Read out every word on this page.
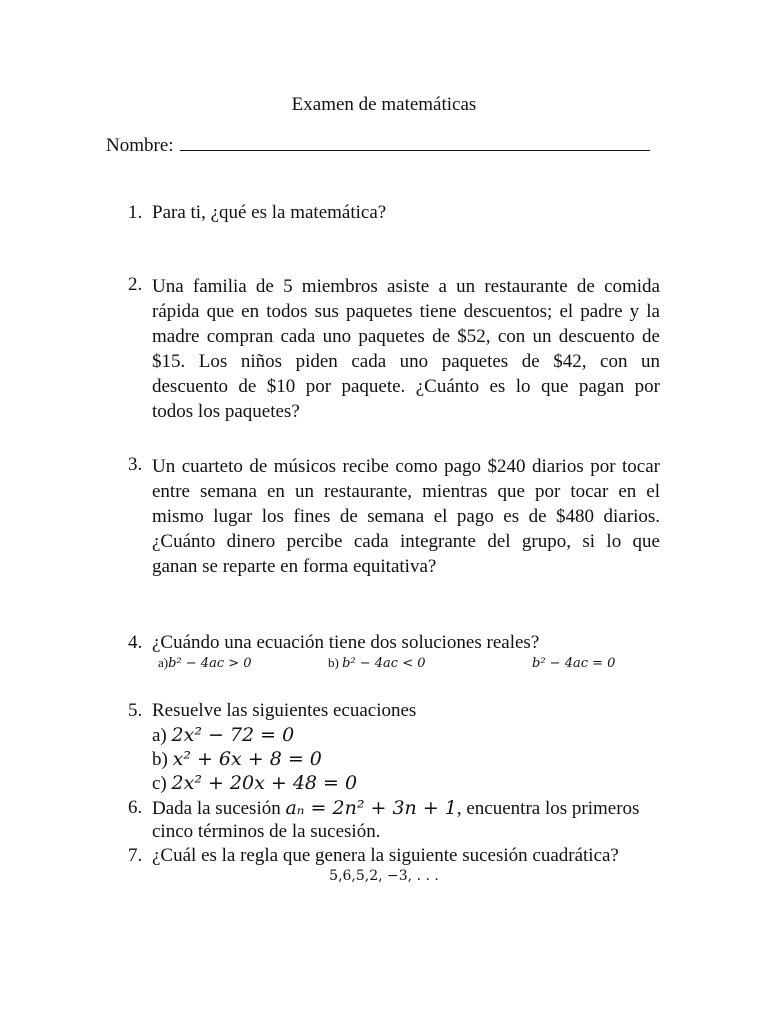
Examen de matemáticas
Nombre:
1. Para ti, ¿qué es la matemática?
2. Una familia de 5 miembros asiste a un restaurante de comida
rápida que en todos sus paquetes tiene descuentos; el padre y la
madre compran cada uno paquetes de $52, con un descuento de
$15. Los niños piden cada uno paquetes de $42, con un
descuento de $10 por paquete. ¿Cuánto es lo que pagan por
todos los paquetes?
3. Un cuarteto de músicos recibe como pago $240 diarios por tocar
entre semana en un restaurante, mientras que por tocar en el
mismo lugar los fines de semana el pago es de $480 diarios.
¿Cuánto dinero percibe cada integrante del grupo, si lo que
ganan se reparte en forma equitativa?
4. ¿Cuándo una ecuación tiene dos soluciones reales?
a)b² − 4ac > 0	b) b² − 4ac < 0	b² − 4ac = 0
5. Resuelve las siguientes ecuaciones
a) 2x² − 72 = 0
b) x² + 6x + 8 = 0
c) 2x² + 20x + 48 = 0
6. Dada la sucesión aₙ = 2n² + 3n + 1, encuentra los primeros
cinco términos de la sucesión.
7. ¿Cuál es la regla que genera la siguiente sucesión cuadrática?
5,6,5,2, −3, . . .
